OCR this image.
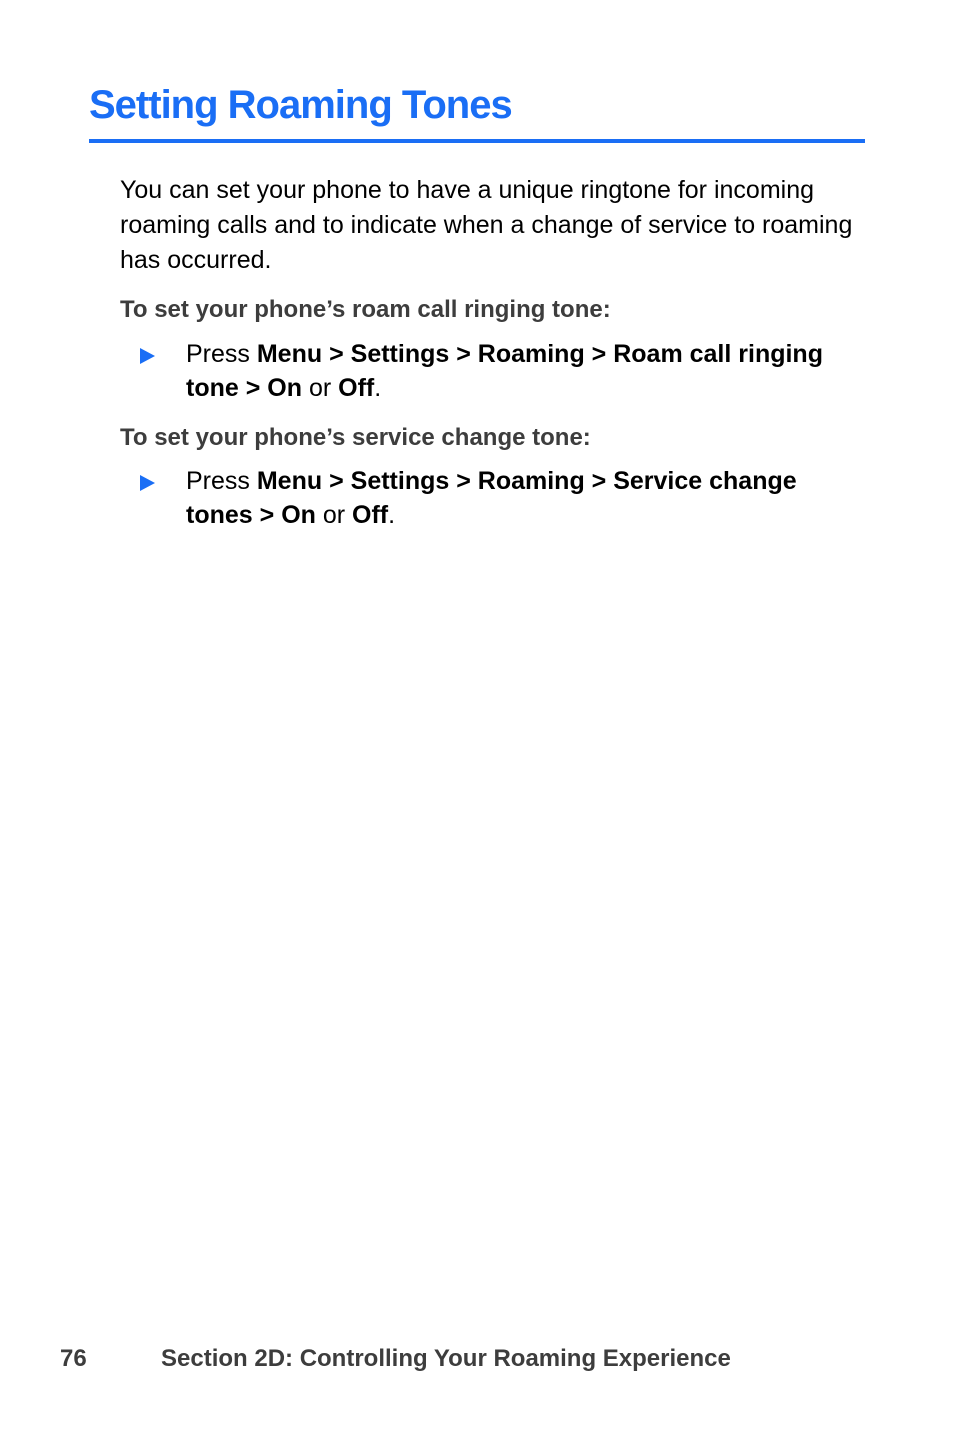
Setting Roaming Tones

You can set your phone to have a unique ringtone for incoming roaming calls and to indicate when a change of service to roaming has occurred.

To set your phone’s roam call ringing tone:

Press Menu > Settings > Roaming > Roam call ringing tone > On or Off.

To set your phone’s service change tone:

Press Menu > Settings > Roaming > Service change tones > On or Off.

76	Section 2D: Controlling Your Roaming Experience
